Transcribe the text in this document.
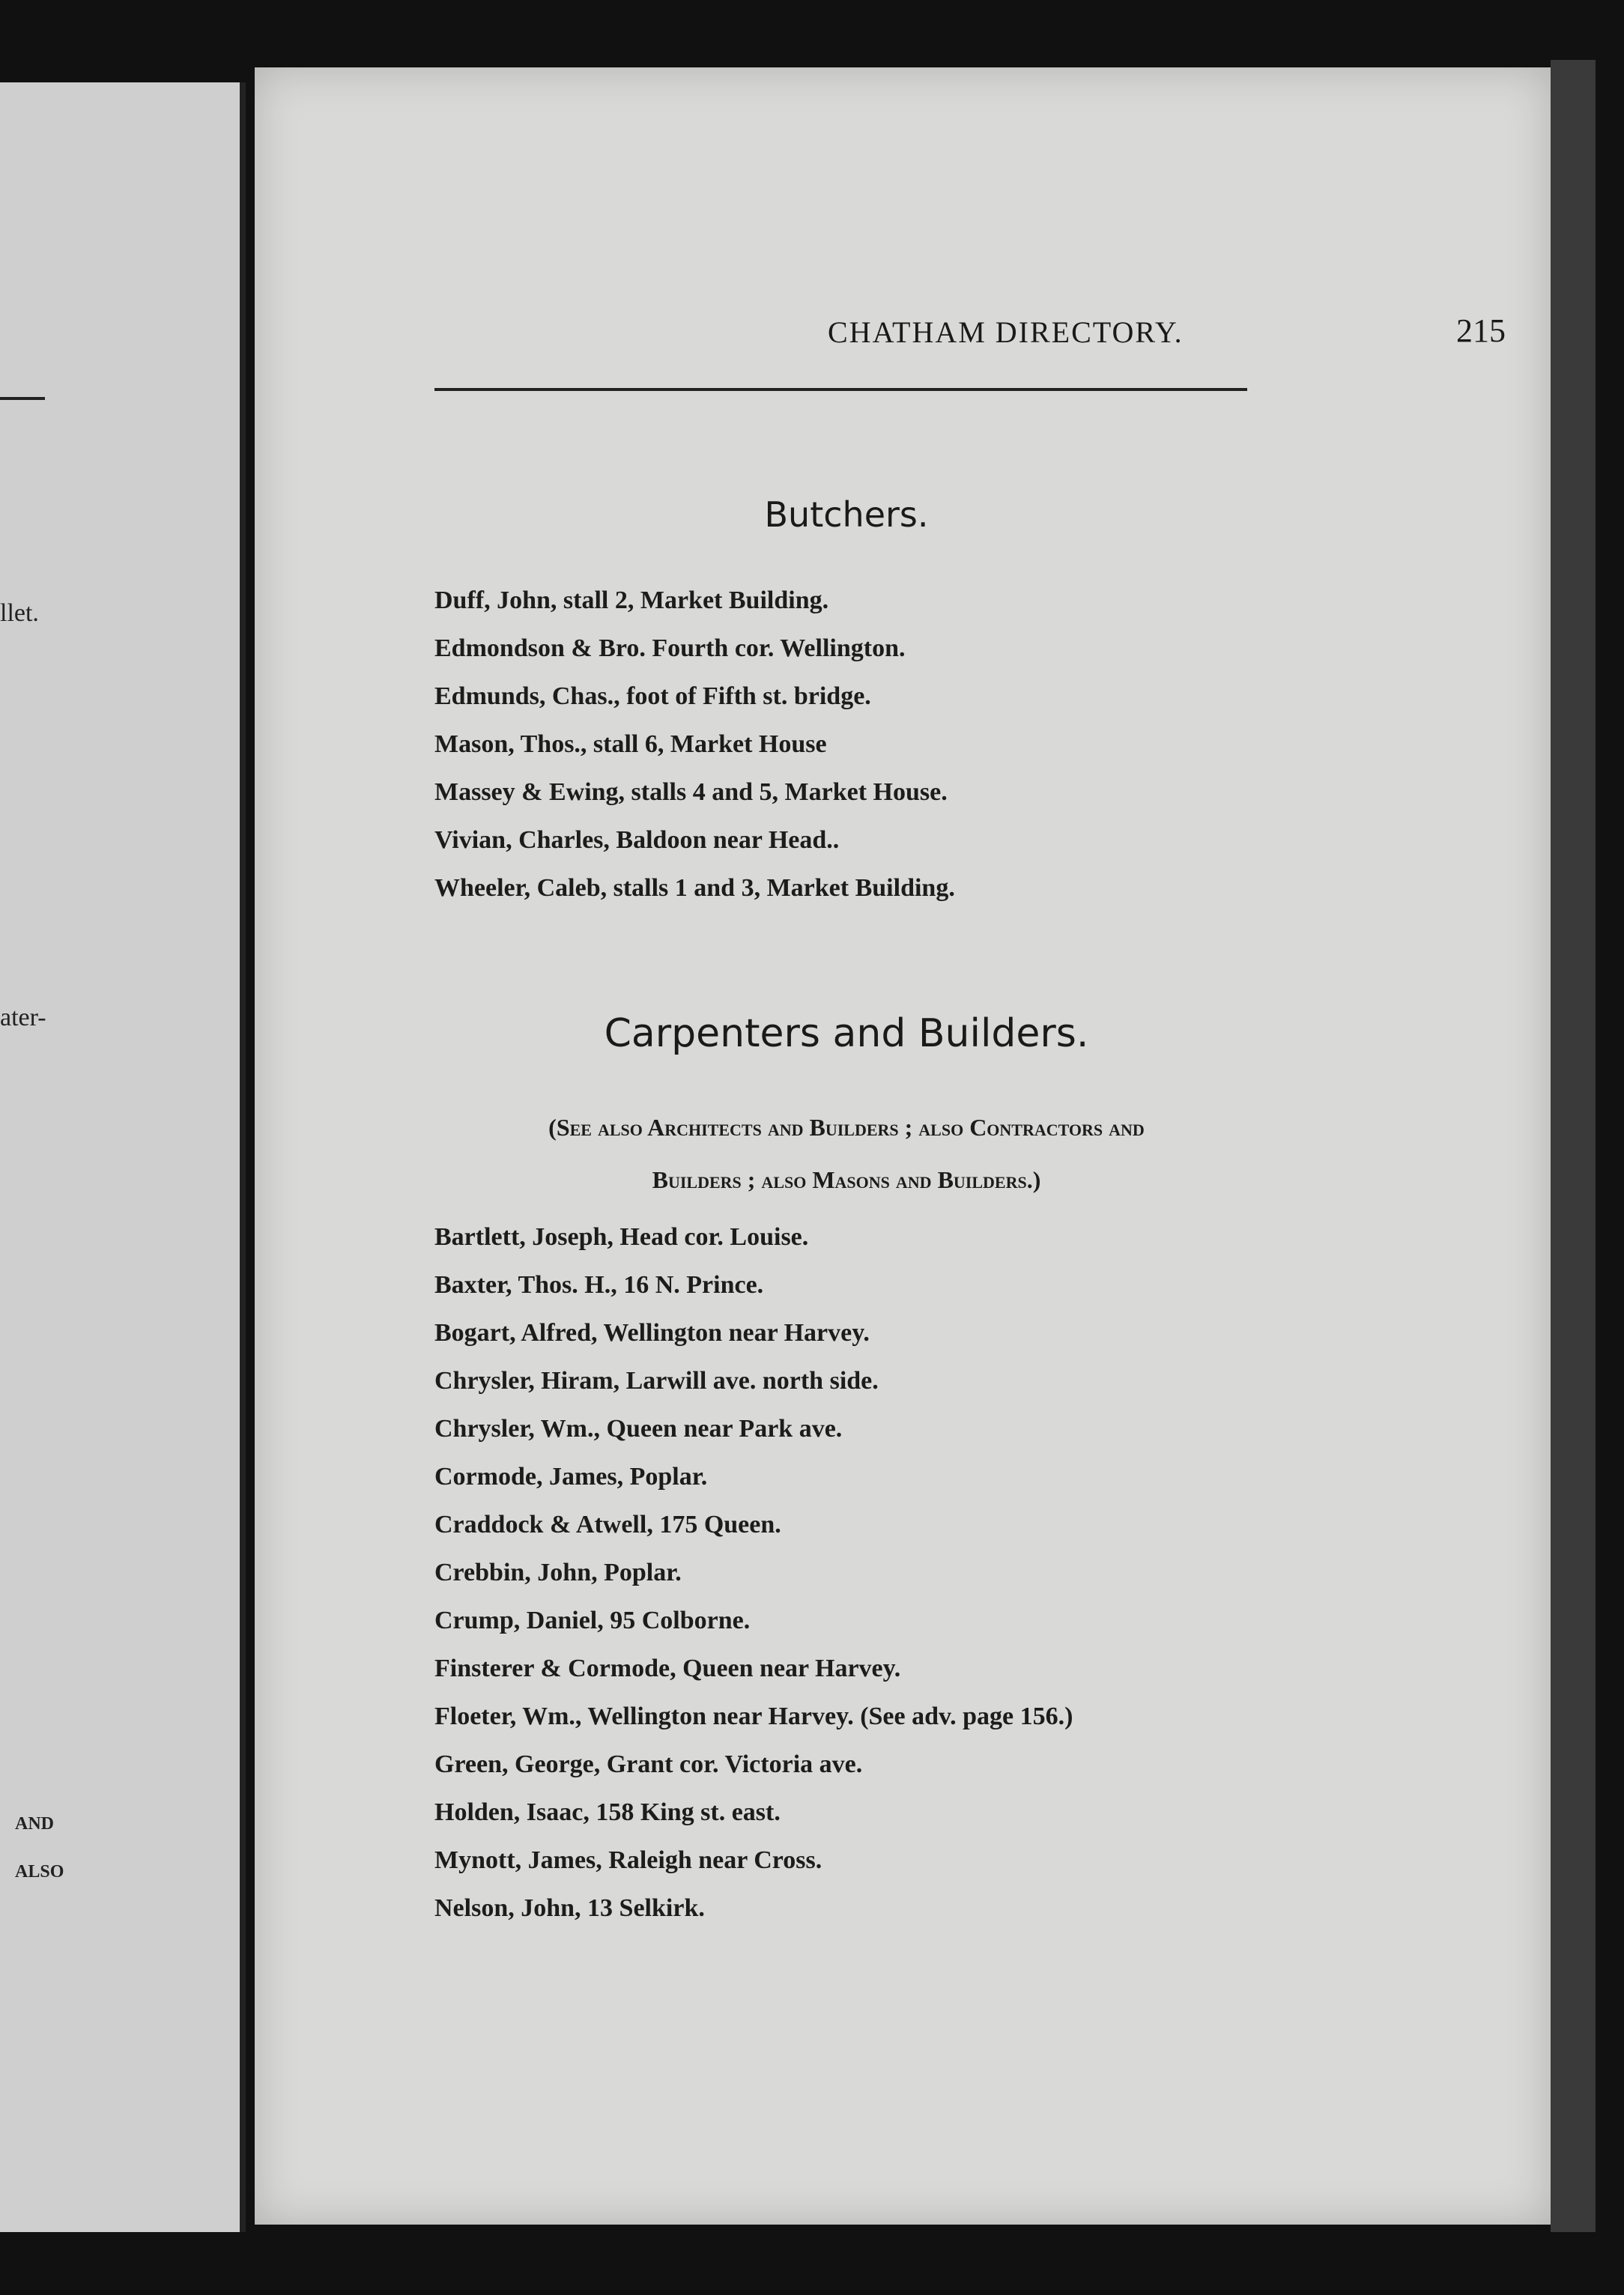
llet.
ater-
AND
ALSO
CHATHAM DIRECTORY.	215
Butchers.
Duff, John, stall 2, Market Building.
Edmondson & Bro. Fourth cor. Wellington.
Edmunds, Chas., foot of Fifth st. bridge.
Mason, Thos., stall 6, Market House
Massey & Ewing, stalls 4 and 5, Market House.
Vivian, Charles, Baldoon near Head..
Wheeler, Caleb, stalls 1 and 3, Market Building.
Carpenters and Builders.
(See also Architects and Builders ; also Contractors and
Builders ; also Masons and Builders.)
Bartlett, Joseph, Head cor. Louise.
Baxter, Thos. H., 16 N. Prince.
Bogart, Alfred, Wellington near Harvey.
Chrysler, Hiram, Larwill ave. north side.
Chrysler, Wm., Queen near Park ave.
Cormode, James, Poplar.
Craddock & Atwell, 175 Queen.
Crebbin, John, Poplar.
Crump, Daniel, 95 Colborne.
Finsterer & Cormode, Queen near Harvey.
Floeter, Wm., Wellington near Harvey. (See adv. page 156.)
Green, George, Grant cor. Victoria ave.
Holden, Isaac, 158 King st. east.
Mynott, James, Raleigh near Cross.
Nelson, John, 13 Selkirk.
